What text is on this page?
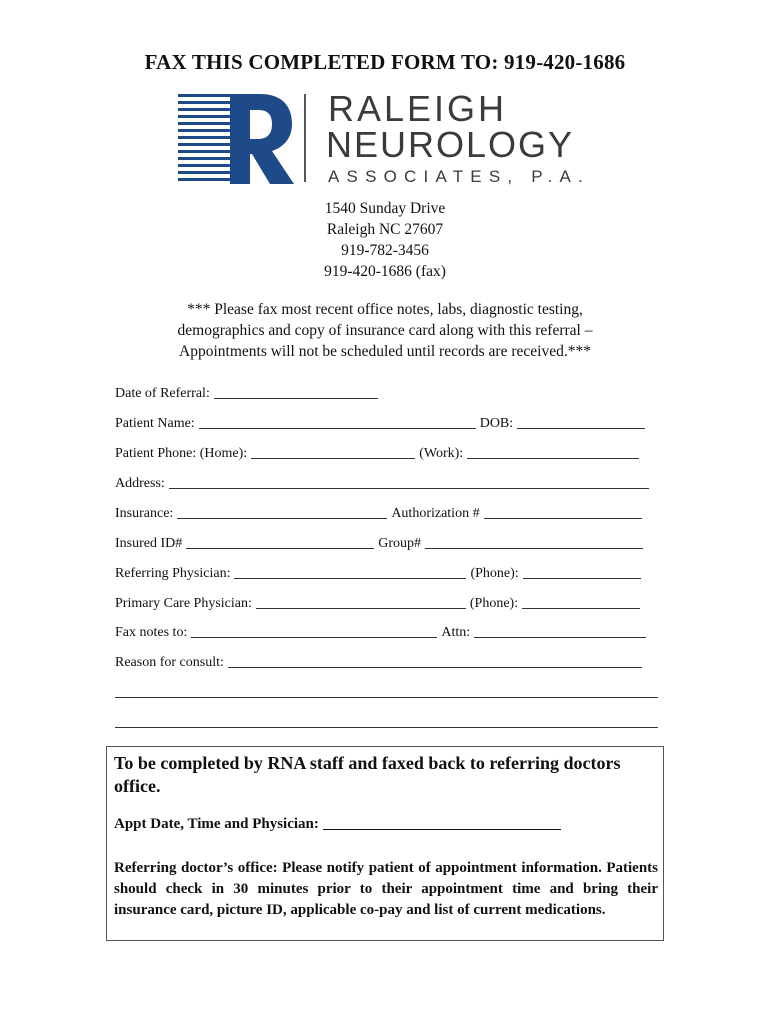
FAX THIS COMPLETED FORM TO: 919-420-1686
RALEIGH
NEUROLOGY
ASSOCIATES, P.A.
1540 Sunday Drive
Raleigh NC 27607
919-782-3456
919-420-1686 (fax)
*** Please fax most recent office notes, labs, diagnostic testing,
demographics and copy of insurance card along with this referral –
Appointments will not be scheduled until records are received.***
Date of Referral:
Patient Name:	DOB:
Patient Phone: (Home):	(Work):
Address:
Insurance:	Authorization #
Insured ID#	Group#
Referring Physician:	(Phone):
Primary Care Physician:	(Phone):
Fax notes to:	Attn:
Reason for consult:
To be completed by RNA staff and faxed back to referring doctors office.
Appt Date, Time and Physician:
Referring doctor’s office: Please notify patient of appointment information. Patients should check in 30 minutes prior to their appointment time and bring their insurance card, picture ID, applicable co-pay and list of current medications.
